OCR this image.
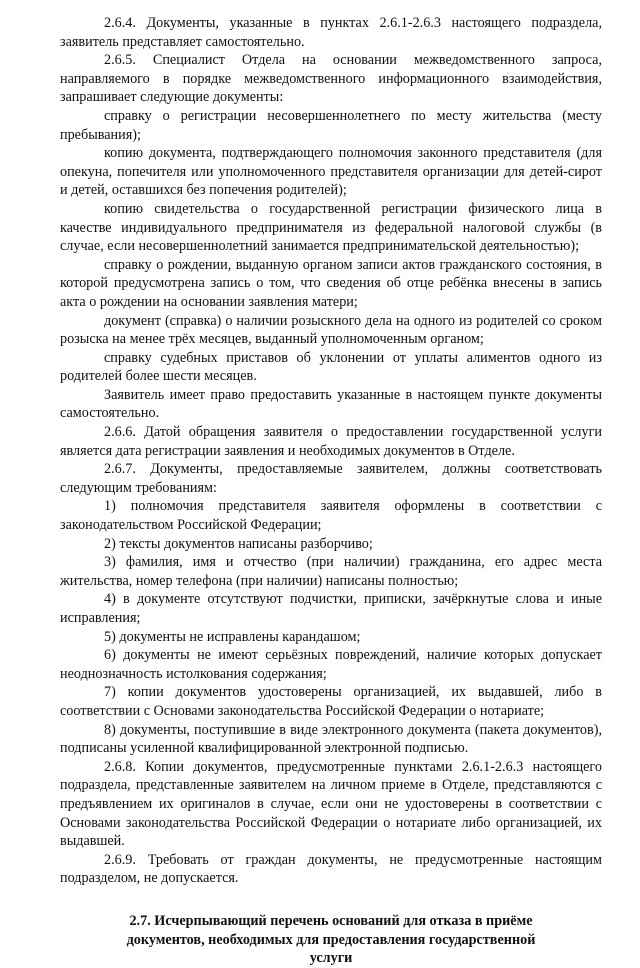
2.6.4. Документы, указанные в пунктах 2.6.1-2.6.3 настоящего подраздела, заявитель представляет самостоятельно.

2.6.5. Специалист Отдела на основании межведомственного запроса, направляемого в порядке межведомственного информационного взаимодействия, запрашивает следующие документы:

справку о регистрации несовершеннолетнего по месту жительства (месту пребывания);

копию документа, подтверждающего полномочия законного представителя (для опекуна, попечителя или уполномоченного представителя организации для детей-сирот и детей, оставшихся без попечения родителей);

копию свидетельства о государственной регистрации физического лица в качестве индивидуального предпринимателя из федеральной налоговой службы (в случае, если несовершеннолетний занимается предпринимательской деятельностью);

справку о рождении, выданную органом записи актов гражданского состояния, в которой предусмотрена запись о том, что сведения об отце ребёнка внесены в запись акта о рождении на основании заявления матери;

документ (справка) о наличии розыскного дела на одного из родителей со сроком розыска на менее трёх месяцев, выданный уполномоченным органом;

справку судебных приставов об уклонении от уплаты алиментов одного из родителей более шести месяцев.

Заявитель имеет право предоставить указанные в настоящем пункте документы самостоятельно.

2.6.6. Датой обращения заявителя о предоставлении государственной услуги является дата регистрации заявления и необходимых документов в Отделе.

2.6.7. Документы, предоставляемые заявителем, должны соответствовать следующим требованиям:

1) полномочия представителя заявителя оформлены в соответствии с законодательством Российской Федерации;

2) тексты документов написаны разборчиво;

3) фамилия, имя и отчество (при наличии) гражданина, его адрес места жительства, номер телефона (при наличии) написаны полностью;

4) в документе отсутствуют подчистки, приписки, зачёркнутые слова и иные исправления;

5) документы не исправлены карандашом;

6) документы не имеют серьёзных повреждений, наличие которых допускает неоднозначность истолкования содержания;

7) копии документов удостоверены организацией, их выдавшей, либо в соответствии с Основами законодательства Российской Федерации о нотариате;

8) документы, поступившие в виде электронного документа (пакета документов), подписаны усиленной квалифицированной электронной подписью.

2.6.8. Копии документов, предусмотренные пунктами 2.6.1-2.6.3 настоящего подраздела, представленные заявителем на личном приеме в Отделе, представляются с предъявлением их оригиналов в случае, если они не удостоверены в соответствии с Основами законодательства Российской Федерации о нотариате либо организацией, их выдавшей.

2.6.9. Требовать от граждан документы, не предусмотренные настоящим подразделом, не допускается.

2.7. Исчерпывающий перечень оснований для отказа в приёме
документов, необходимых для предоставления государственной
услуги
